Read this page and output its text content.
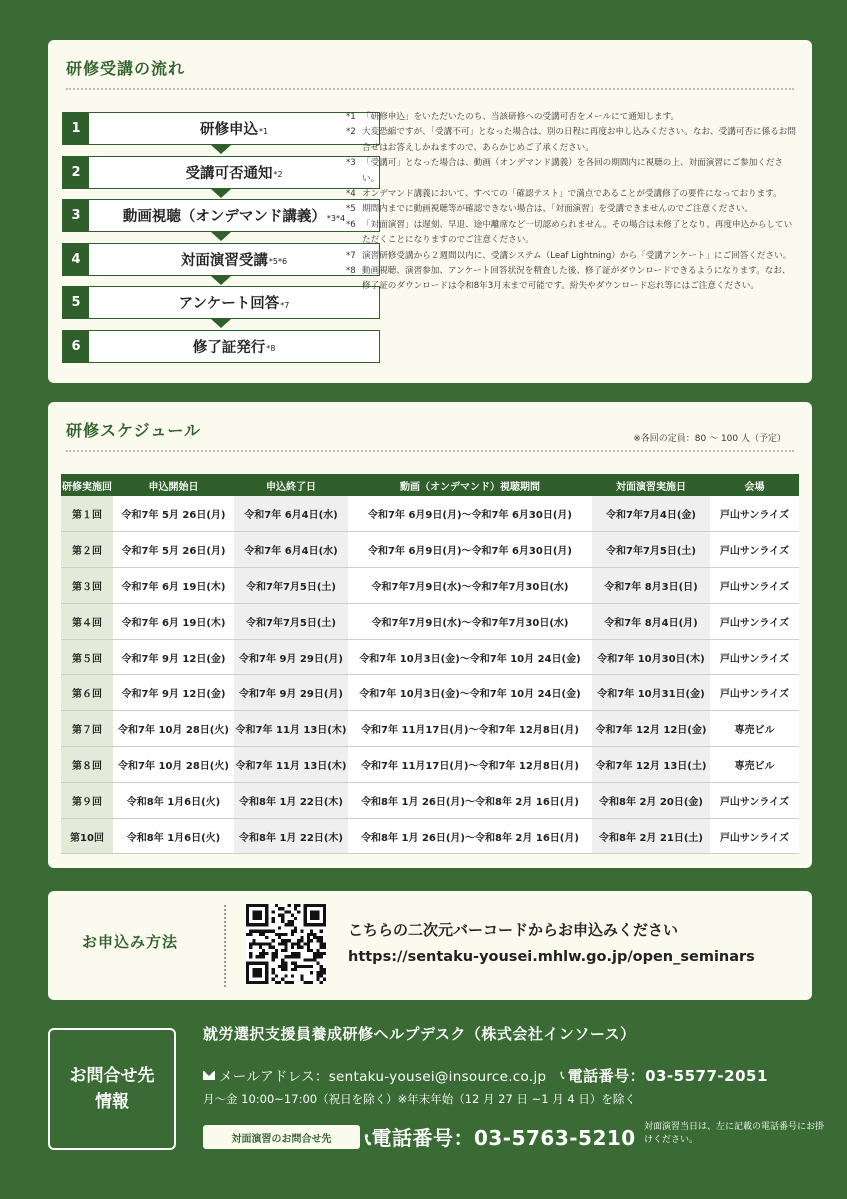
研修受講の流れ
1	研修申込 *1
2	受講可否通知 *2
3	動画視聴（オンデマンド講義） *3*4
4	対面演習受講 *5*6
5	アンケート回答 *7
6	修了証発行 *8
*1 「研修申込」をいただいたのち、当該研修への受講可否をメールにて通知します。
*2 大変恐縮ですが、「受講不可」となった場合は、別の日程に再度お申し込みください。なお、受講可否に係るお問合せはお答えしかねますので、あらかじめご了承ください。
*3 「受講可」となった場合は、動画（オンデマンド講義）を各回の期間内に視聴の上、対面演習にご参加ください。
*4 オンデマンド講義において、すべての「確認テスト」で満点であることが受講修了の要件になっております。
*5 期間内までに動画視聴等が確認できない場合は、「対面演習」を受講できませんのでご注意ください。
*6 「対面演習」は遅刻、早退、途中離席など一切認められません。その場合は未修了となり、再度申込からしていただくことになりますのでご注意ください。
*7 演習研修受講から２週間以内に、受講システム（Leaf Lightning）から「受講アンケート」にご回答ください。
*8 動画視聴、演習参加、アンケート回答状況を精査した後、修了証がダウンロードできるようになります。なお、修了証のダウンロードは令和8年3月末まで可能です。紛失やダウンロード忘れ等にはご注意ください。
研修スケジュール	※各回の定員：80 ～ 100 人（予定）
研修実施回	申込開始日	申込終了日	動画（オンデマンド）視聴期間	対面演習実施日	会場
第１回	令和7年 5月 26日(月)	令和7年 6月4日(水)	令和7年 6月9日(月)～令和7年 6月30日(月)	令和7年7月4日(金)	戸山サンライズ
第２回	令和7年 5月 26日(月)	令和7年 6月4日(水)	令和7年 6月9日(月)～令和7年 6月30日(月)	令和7年7月5日(土)	戸山サンライズ
第３回	令和7年 6月 19日(木)	令和7年7月5日(土)	令和7年7月9日(水)～令和7年7月30日(水)	令和7年 8月3日(日)	戸山サンライズ
第４回	令和7年 6月 19日(木)	令和7年7月5日(土)	令和7年7月9日(水)～令和7年7月30日(水)	令和7年 8月4日(月)	戸山サンライズ
第５回	令和7年 9月 12日(金)	令和7年 9月 29日(月)	令和7年 10月3日(金)～令和7年 10月 24日(金)	令和7年 10月30日(木)	戸山サンライズ
第６回	令和7年 9月 12日(金)	令和7年 9月 29日(月)	令和7年 10月3日(金)～令和7年 10月 24日(金)	令和7年 10月31日(金)	戸山サンライズ
第７回	令和7年 10月 28日(火)	令和7年 11月 13日(木)	令和7年 11月17日(月)～令和7年 12月8日(月)	令和7年 12月 12日(金)	専売ビル
第８回	令和7年 10月 28日(火)	令和7年 11月 13日(木)	令和7年 11月17日(月)～令和7年 12月8日(月)	令和7年 12月 13日(土)	専売ビル
第９回	令和8年 1月6日(火)	令和8年 1月 22日(木)	令和8年 1月 26日(月)～令和8年 2月 16日(月)	令和8年 2月 20日(金)	戸山サンライズ
第10回	令和8年 1月6日(火)	令和8年 1月 22日(木)	令和8年 1月 26日(月)～令和8年 2月 16日(月)	令和8年 2月 21日(土)	戸山サンライズ
お申込み方法
こちらの二次元バーコードからお申込みください
https://sentaku-yousei.mhlw.go.jp/open_seminars
お問合せ先
情報
就労選択支援員養成研修ヘルプデスク（株式会社インソース）
メールアドレス：sentaku-yousei@insource.co.jp 📞︎ 電話番号：03-5577-2051
月～金 10:00~17:00（祝日を除く）※年末年始（12 月 27 日 ~1 月 4 日）を除く
対面演習のお問合せ先	📞︎電話番号：03-5763-5210 対面演習当日は、左に記載の電話番号にお掛けください。
